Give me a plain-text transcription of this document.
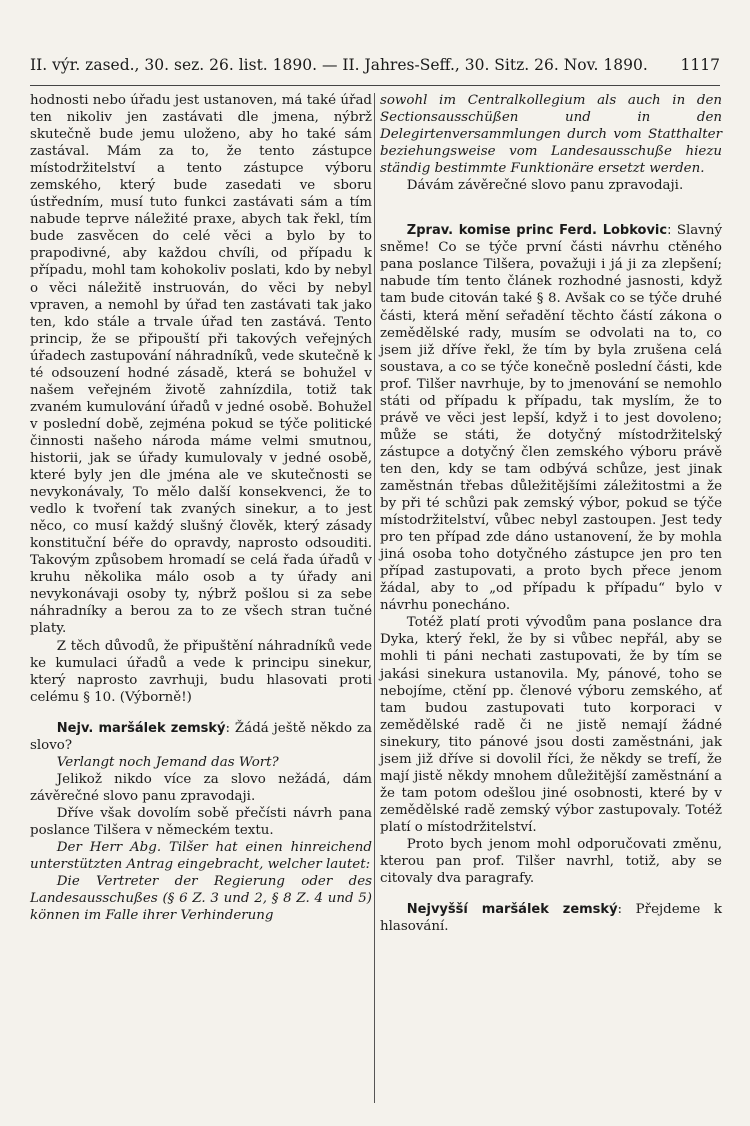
II. výr. zased., 30. sez. 26. list. 1890. — II. Jahres-Seff., 30. Sitz. 26. Nov. 1890. 1117

hodnosti nebo úřadu jest ustanoven, má také úřad ten nikoliv jen zastávati dle jmena, nýbrž skutečně bude jemu uloženo, aby ho také sám zastával. Mám za to, že tento zástupce místodržitelství a tento zástupce výboru zemského, který bude zasedati ve sboru ústředním, musí tuto funkci zastávati sám a tím nabude teprve náležité praxe, abych tak řekl, tím bude zasvěcen do celé věci a bylo by to prapodivné, aby každou chvíli, od případu k případu, mohl tam kohokoliv poslati, kdo by nebyl o věci náležitě instruován, do věci by nebyl vpraven, a nemohl by úřad ten zastávati tak jako ten, kdo stále a trvale úřad ten zastává. Tento princip, že se připouští při takových veřejných úřadech zastupování náhradníků, vede skutečně k té odsouzení hodné zásadě, která se bohužel v našem veřejném životě zahnízdila, totiž tak zvaném kumulování úřadů v jedné osobě. Bohužel v poslední době, zejména pokud se týče politické činnosti našeho národa máme velmi smutnou, historii, jak se úřady kumulovaly v jedné osobě, které byly jen dle jména ale ve skutečnosti se nevykonávaly, To mělo další konsekvenci, že to vedlo k tvoření tak zvaných sinekur, a to jest něco, co musí každý slušný člověk, který zásady konstituční béře do opravdy, naprosto odsouditi. Takovým způsobem hromadí se celá řada úřadů v kruhu několika málo osob a ty úřady ani nevykonávaji osoby ty, nýbrž pošlou si za sebe náhradníky a berou za to ze všech stran tučné platy.

Z těch důvodů, že připuštění náhradníků vede ke kumulaci úřadů a vede k principu sinekur, který naprosto zavrhuji, budu hlasovati proti celému § 10. (Výborně!)

Nejv. maršálek zemský: Žádá ještě někdo za slovo?

Verlangt noch Jemand das Wort?

Jelikož nikdo více za slovo nežádá, dám závěrečné slovo panu zpravodaji.

Dříve však dovolím sobě přečísti návrh pana poslance Tilšera v německém textu.

Der Herr Abg. Tilšer hat einen hinreichend unterstützten Antrag eingebracht, welcher lautet:

Die Vertreter der Regierung oder des Landesausschußes (§ 6 Z. 3 und 2, § 8 Z. 4 und 5) können im Falle ihrer Verhinderung

sowohl im Centralkollegium als auch in den Sectionsausschüßen und in den Delegirtenversammlungen durch vom Statthalter beziehungsweise vom Landesausschuße hiezu ständig bestimmte Funktionäre ersetzt werden.

Dávám závěrečné slovo panu zpravodaji.

Zprav. komise princ Ferd. Lobkovic: Slavný sněme! Co se týče první části návrhu ctěného pana poslance Tilšera, považuji i já ji za zlepšení; nabude tím tento článek rozhodné jasnosti, když tam bude citován také § 8. Avšak co se týče druhé části, která mění seřadění těchto částí zákona o zemědělské rady, musím se odvolati na to, co jsem již dříve řekl, že tím by byla zrušena celá soustava, a co se týče konečně poslední části, kde prof. Tilšer navrhuje, by to jmenování se nemohlo státi od případu k případu, tak myslím, že to právě ve věci jest lepší, když i to jest dovoleno; může se státi, že dotyčný místodržitelský zástupce a dotyčný člen zemského výboru právě ten den, kdy se tam odbývá schůze, jest jinak zaměstnán třebas důležitějšími záležitostmi a že by při té schůzi pak zemský výbor, pokud se týče místodržitelství, vůbec nebyl zastoupen. Jest tedy pro ten případ zde dáno ustanovení, že by mohla jiná osoba toho dotyčného zástupce jen pro ten případ zastupovati, a proto bych přece jenom žádal, aby to „od případu k případu“ bylo v návrhu ponecháno.

Totéž platí proti vývodům pana poslance dra Dyka, který řekl, že by si vůbec nepřál, aby se mohli ti páni nechati zastupovati, že by tím se jakási sinekura ustanovila. My, pánové, toho se nebojíme, ctění pp. členové výboru zemského, ať tam budou zastupovati tuto korporaci v zemědělské radě či ne jistě nemají žádné sinekury, tito pánové jsou dosti zaměstnáni, jak jsem již dříve si dovolil říci, že někdy se trefí, že mají jistě někdy mnohem důležitější zaměstnání a že tam potom odešlou jiné osobnosti, které by v zemědělské radě zemský výbor zastupovaly. Totéž platí o místodržitelství.

Proto bych jenom mohl odporučovati změnu, kterou pan prof. Tilšer navrhl, totiž, aby se citovaly dva paragrafy.

Nejvyšší maršálek zemský: Přejdeme k hlasování.
